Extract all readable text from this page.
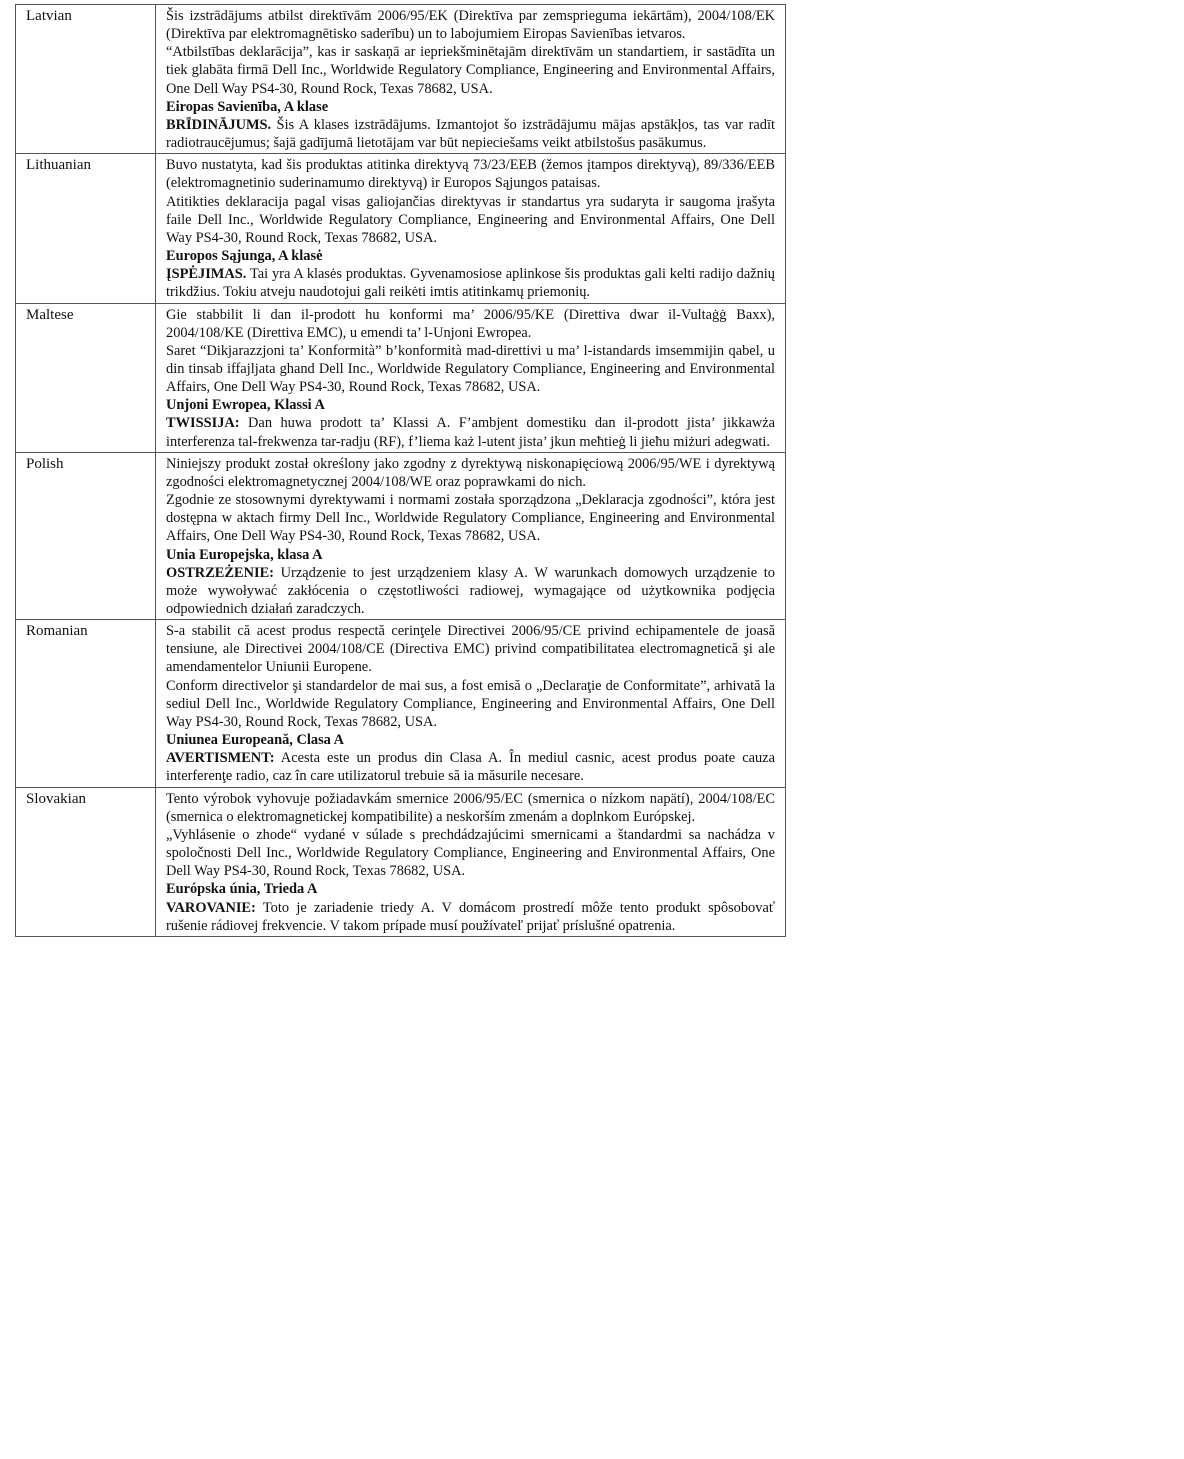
Latvian	Šis izstrādājums atbilst direktīvām 2006/95/EK (Direktīva par zemsprieguma iekārtām), 2004/108/EK (Direktīva par elektromagnētisko saderību) un to labojumiem Eiropas Savienības ietvaros.

“Atbilstības deklarācija”, kas ir saskaņā ar iepriekšminētajām direktīvām un standartiem, ir sastādīta un tiek glabāta firmā Dell Inc., Worldwide Regulatory Compliance, Engineering and Environmental Affairs, One Dell Way PS4-30, Round Rock, Texas 78682, USA.

Eiropas Savienība, A klase

BRĪDINĀJUMS. Šis A klases izstrādājums. Izmantojot šo izstrādājumu mājas apstākļos, tas var radīt radiotraucējumus; šajā gadījumā lietotājam var būt nepieciešams veikt atbilstošus pasākumus.

Lithuanian	Buvo nustatyta, kad šis produktas atitinka direktyvą 73/23/EEB (žemos įtampos direktyvą), 89/336/EEB (elektromagnetinio suderinamumo direktyvą) ir Europos Sąjungos pataisas.

Atitikties deklaracija pagal visas galiojančias direktyvas ir standartus yra sudaryta ir saugoma įrašyta faile Dell Inc., Worldwide Regulatory Compliance, Engineering and Environmental Affairs, One Dell Way PS4-30, Round Rock, Texas 78682, USA.

Europos Sąjunga, A klasė

ĮSPĖJIMAS. Tai yra A klasės produktas. Gyvenamosiose aplinkose šis produktas gali kelti radijo dažnių trikdžius. Tokiu atveju naudotojui gali reikėti imtis atitinkamų priemonių.

Maltese	Gie stabbilit li dan il-prodott hu konformi ma’ 2006/95/KE (Direttiva dwar il-Vultaġġ Baxx), 2004/108/KE (Direttiva EMC), u emendi ta’ l-Unjoni Ewropea.

Saret “Dikjarazzjoni ta’ Konformità” b’konformità mad-direttivi u ma’ l-istandards imsemmijin qabel, u din tinsab iffajljata ghand Dell Inc., Worldwide Regulatory Compliance, Engineering and Environmental Affairs, One Dell Way PS4-30, Round Rock, Texas 78682, USA.

Unjoni Ewropea, Klassi A

TWISSIJA: Dan huwa prodott ta’ Klassi A. F’ambjent domestiku dan il-prodott jista’ jikkawża interferenza tal-frekwenza tar-radju (RF), f’liema każ l-utent jista’ jkun meħtieġ li jieħu miżuri adegwati.

Polish	Niniejszy produkt został określony jako zgodny z dyrektywą niskonapięciową 2006/95/WE i dyrektywą zgodności elektromagnetycznej 2004/108/WE oraz poprawkami do nich.

Zgodnie ze stosownymi dyrektywami i normami została sporządzona „Deklaracja zgodności”, która jest dostępna w aktach firmy Dell Inc., Worldwide Regulatory Compliance, Engineering and Environmental Affairs, One Dell Way PS4-30, Round Rock, Texas 78682, USA.

Unia Europejska, klasa A

OSTRZEŻENIE: Urządzenie to jest urządzeniem klasy A. W warunkach domowych urządzenie to może wywoływać zakłócenia o częstotliwości radiowej, wymagające od użytkownika podjęcia odpowiednich działań zaradczych.

Romanian	S-a stabilit că acest produs respectă cerinţele Directivei 2006/95/CE privind echipamentele de joasă tensiune, ale Directivei 2004/108/CE (Directiva EMC) privind compatibilitatea electromagnetică şi ale amendamentelor Uniunii Europene.

Conform directivelor şi standardelor de mai sus, a fost emisă o „Declaraţie de Conformitate”, arhivată la sediul Dell Inc., Worldwide Regulatory Compliance, Engineering and Environmental Affairs, One Dell Way PS4-30, Round Rock, Texas 78682, USA.

Uniunea Europeană, Clasa A

AVERTISMENT: Acesta este un produs din Clasa A. În mediul casnic, acest produs poate cauza interferenţe radio, caz în care utilizatorul trebuie să ia măsurile necesare.

Slovakian	Tento výrobok vyhovuje požiadavkám smernice 2006/95/EC (smernica o nízkom napätí), 2004/108/EC (smernica o elektromagnetickej kompatibilite) a neskorším zmenám a doplnkom Európskej.

„Vyhlásenie o zhode“ vydané v súlade s prechdádzajúcimi smernicami a štandardmi sa nachádza v spoločnosti Dell Inc., Worldwide Regulatory Compliance, Engineering and Environmental Affairs, One Dell Way PS4-30, Round Rock, Texas 78682, USA.

Európska únia, Trieda A

VAROVANIE: Toto je zariadenie triedy A. V domácom prostredí môže tento produkt spôsobovať rušenie rádiovej frekvencie. V takom prípade musí používateľ prijať príslušné opatrenia.
